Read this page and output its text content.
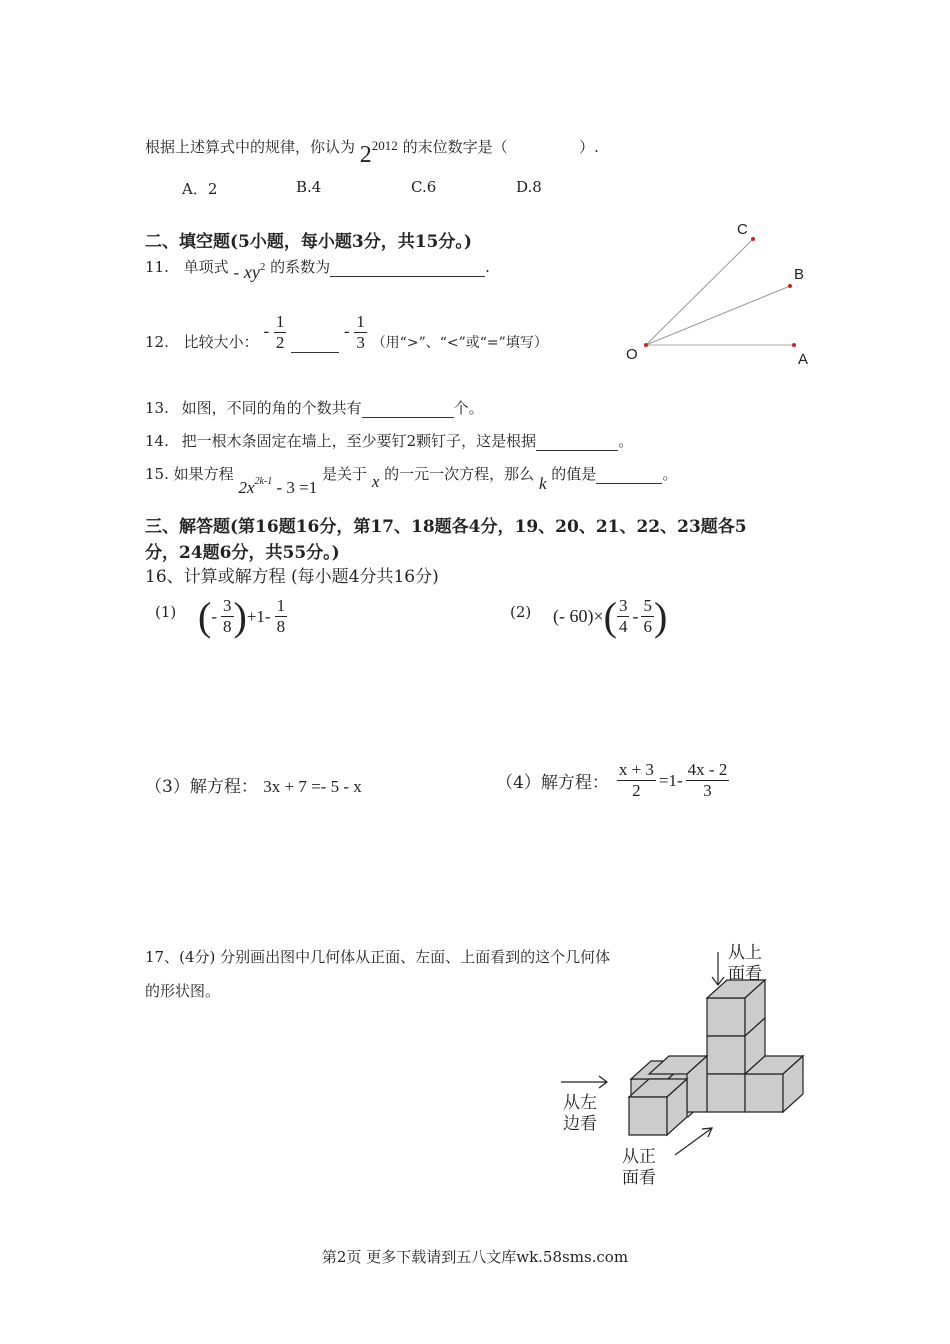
根据上述算式中的规律，你认为 22012 的末位数字是（	）.
A．2	B.4	C.6	D.8
二、填空题(5小题，每小题3分，共15分。)
11. 单项式 - xy2 的系数为	.
12. 比较大小： - $\frac{1}{2}$	- $\frac{1}{3}$ （用“>”、“<”或“=”填写）
C
B
O	A
13. 如图，不同的角的个数共有	个。
14. 把一根木条固定在墙上，至少要钉2颗钉子，这是根据	。
15. 如果方程 $2x^{2k-1} - 3 =1$ 是关于 x 的一元一次方程，那么 k 的值是	。
三、解答题(第16题16分，第17、18题各4分，19、20、21、22、23题各5
分，24题6分，共55分。)
16、计算或解方程 (每小题4分共16分)
(1) ( - $\frac{3}{8}$ ) $+1- \frac{1}{8}$	(2) (- 60)× ( $\frac{3}{4} - \frac{5}{6}$ )
（3）解方程： 3x + 7 =- 5 - x	（4）解方程： $\frac{x + 3}{2} =1- \frac{4x - 2}{3}$
17、(4分) 分别画出图中几何体从正面、左面、上面看到的这个几何体
的形状图。
从上
面看
从左
边看
从正
面看
第2页 更多下载请到五八文库wk.58sms.com
